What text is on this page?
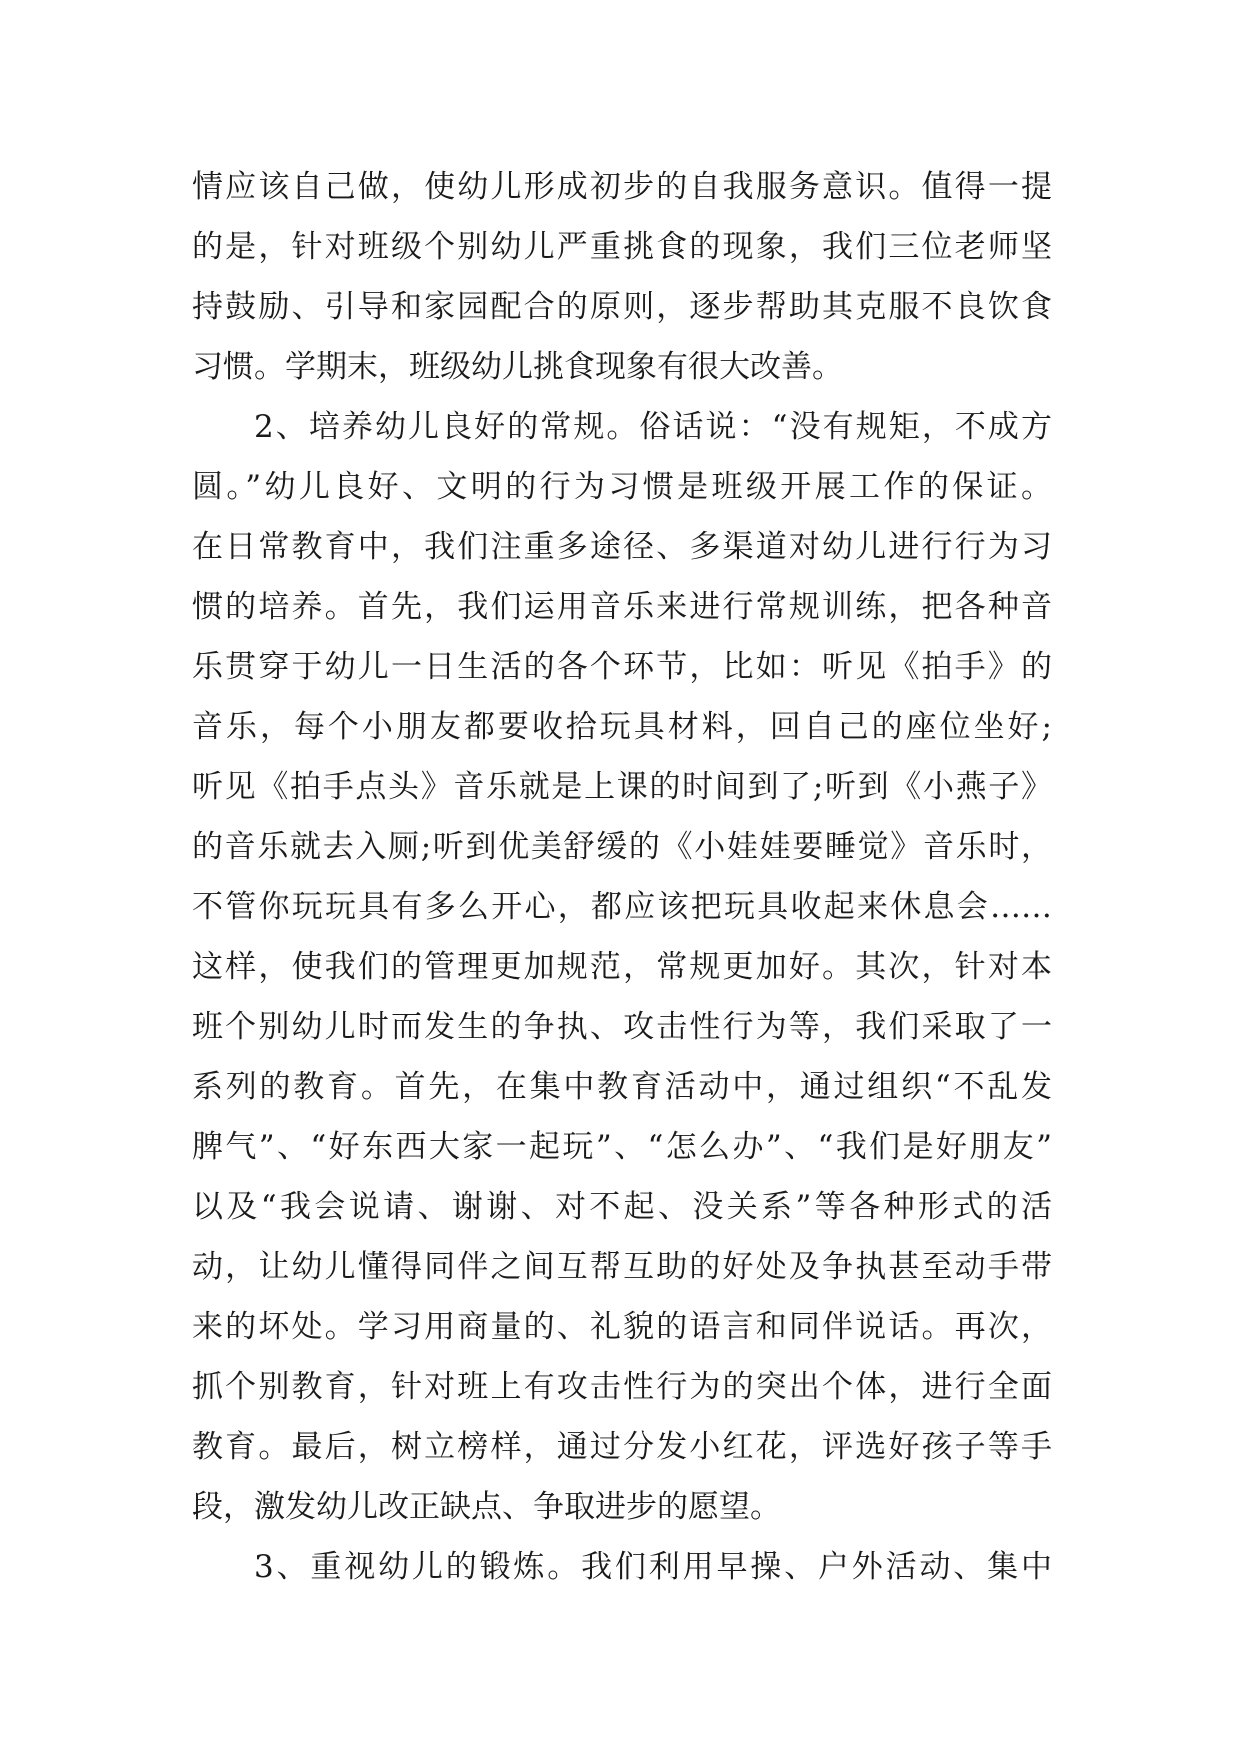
情应该自己做，使幼儿形成初步的自我服务意识。值得一提
的是，针对班级个别幼儿严重挑食的现象，我们三位老师坚
持鼓励、引导和家园配合的原则，逐步帮助其克服不良饮食
习惯。学期末，班级幼儿挑食现象有很大改善。
2、培养幼儿良好的常规。俗话说：“没有规矩，不成方
圆。”幼儿良好、文明的行为习惯是班级开展工作的保证。
在日常教育中，我们注重多途径、多渠道对幼儿进行行为习
惯的培养。首先，我们运用音乐来进行常规训练，把各种音
乐贯穿于幼儿一日生活的各个环节，比如：听见《拍手》的
音乐，每个小朋友都要收拾玩具材料，回自己的座位坐好;
听见《拍手点头》音乐就是上课的时间到了;听到《小燕子》
的音乐就去入厕;听到优美舒缓的《小娃娃要睡觉》音乐时，
不管你玩玩具有多么开心，都应该把玩具收起来休息会……
这样，使我们的管理更加规范，常规更加好。其次，针对本
班个别幼儿时而发生的争执、攻击性行为等，我们采取了一
系列的教育。首先，在集中教育活动中，通过组织“不乱发
脾气”、“好东西大家一起玩”、“怎么办”、“我们是好朋友”
以及“我会说请、谢谢、对不起、没关系”等各种形式的活
动，让幼儿懂得同伴之间互帮互助的好处及争执甚至动手带
来的坏处。学习用商量的、礼貌的语言和同伴说话。再次，
抓个别教育，针对班上有攻击性行为的突出个体，进行全面
教育。最后，树立榜样，通过分发小红花，评选好孩子等手
段，激发幼儿改正缺点、争取进步的愿望。
3、重视幼儿的锻炼。我们利用早操、户外活动、集中
